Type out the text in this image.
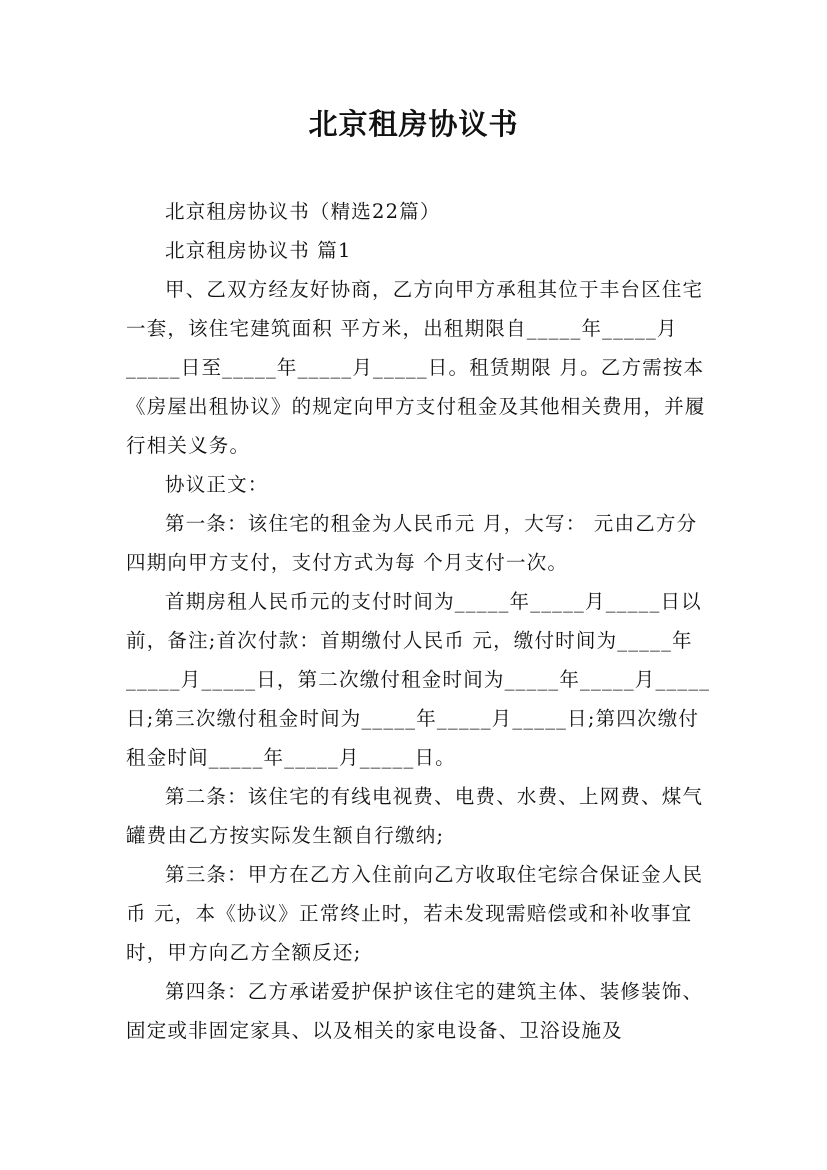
北京租房协议书

北京租房协议书（精选22篇）

北京租房协议书 篇1

甲、乙双方经友好协商，乙方向甲方承租其位于丰台区住宅一套，该住宅建筑面积 平方米，出租期限自_____年_____月_____日至_____年_____月_____日。租赁期限 月。乙方需按本《房屋出租协议》的规定向甲方支付租金及其他相关费用，并履行相关义务。

协议正文：

第一条：该住宅的租金为人民币元 月，大写： 元由乙方分四期向甲方支付，支付方式为每 个月支付一次。

首期房租人民币元的支付时间为_____年_____月_____日以前，备注;首次付款：首期缴付人民币 元，缴付时间为_____年_____月_____日，第二次缴付租金时间为_____年_____月_____日;第三次缴付租金时间为_____年_____月_____日;第四次缴付租金时间_____年_____月_____日。

第二条：该住宅的有线电视费、电费、水费、上网费、煤气罐费由乙方按实际发生额自行缴纳;

第三条：甲方在乙方入住前向乙方收取住宅综合保证金人民币 元，本《协议》正常终止时，若未发现需赔偿或和补收事宜时，甲方向乙方全额反还;

第四条：乙方承诺爱护保护该住宅的建筑主体、装修装饰、固定或非固定家具、以及相关的家电设备、卫浴设施及
